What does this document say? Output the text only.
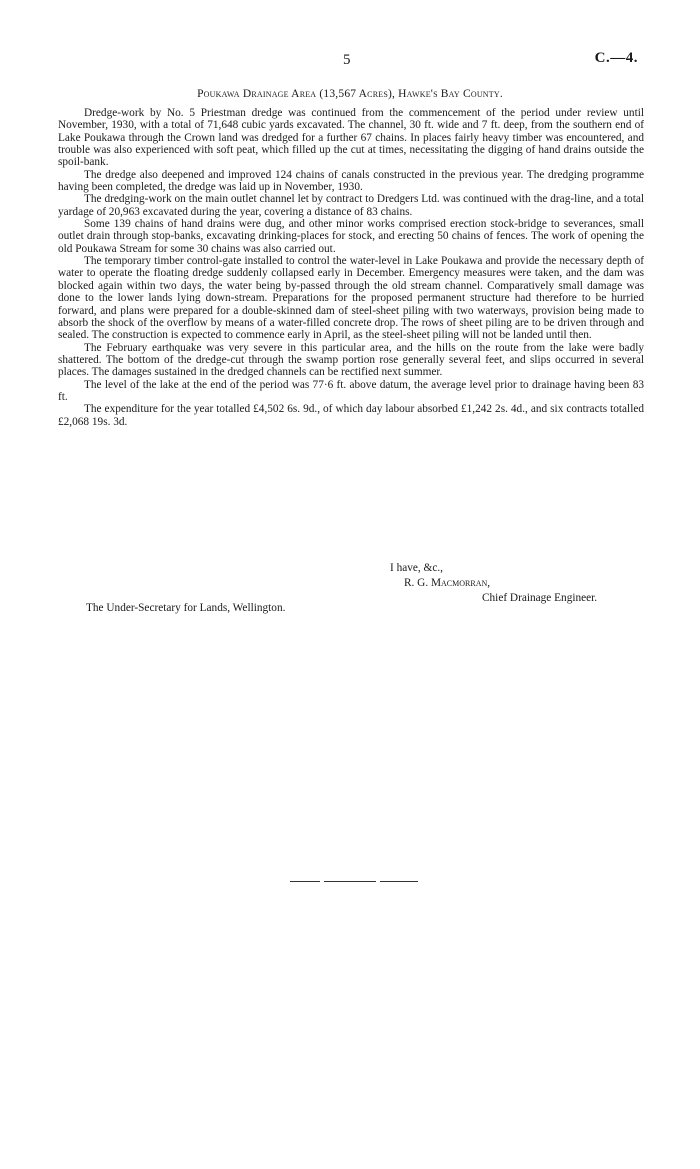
5	C.—4.
Poukawa Drainage Area (13,567 Acres), Hawke's Bay County.

Dredge-work by No. 5 Priestman dredge was continued from the commencement of the period under review until November, 1930, with a total of 71,648 cubic yards excavated. The channel, 30 ft. wide and 7 ft. deep, from the southern end of Lake Poukawa through the Crown land was dredged for a further 67 chains. In places fairly heavy timber was encountered, and trouble was also experienced with soft peat, which filled up the cut at times, necessitating the digging of hand drains outside the spoil-bank.

The dredge also deepened and improved 124 chains of canals constructed in the previous year. The dredging programme having been completed, the dredge was laid up in November, 1930.

The dredging-work on the main outlet channel let by contract to Dredgers Ltd. was continued with the drag-line, and a total yardage of 20,963 excavated during the year, covering a distance of 83 chains.

Some 139 chains of hand drains were dug, and other minor works comprised erection stock-bridge to severances, small outlet drain through stop-banks, excavating drinking-places for stock, and erecting 50 chains of fences. The work of opening the old Poukawa Stream for some 30 chains was also carried out.

The temporary timber control-gate installed to control the water-level in Lake Poukawa and provide the necessary depth of water to operate the floating dredge suddenly collapsed early in December. Emergency measures were taken, and the dam was blocked again within two days, the water being by-passed through the old stream channel. Comparatively small damage was done to the lower lands lying down-stream. Preparations for the proposed permanent structure had therefore to be hurried forward, and plans were prepared for a double-skinned dam of steel-sheet piling with two waterways, provision being made to absorb the shock of the overflow by means of a water-filled concrete drop. The rows of sheet piling are to be driven through and sealed. The construction is expected to commence early in April, as the steel-sheet piling will not be landed until then.

The February earthquake was very severe in this particular area, and the hills on the route from the lake were badly shattered. The bottom of the dredge-cut through the swamp portion rose generally several feet, and slips occurred in several places. The damages sustained in the dredged channels can be rectified next summer.

The level of the lake at the end of the period was 77·6 ft. above datum, the average level prior to drainage having been 83 ft.

The expenditure for the year totalled £4,502 6s. 9d., of which day labour absorbed £1,242 2s. 4d., and six contracts totalled £2,068 19s. 3d.

I have, &c.,
R. G. Macmorran,
Chief Drainage Engineer.
The Under-Secretary for Lands, Wellington.
